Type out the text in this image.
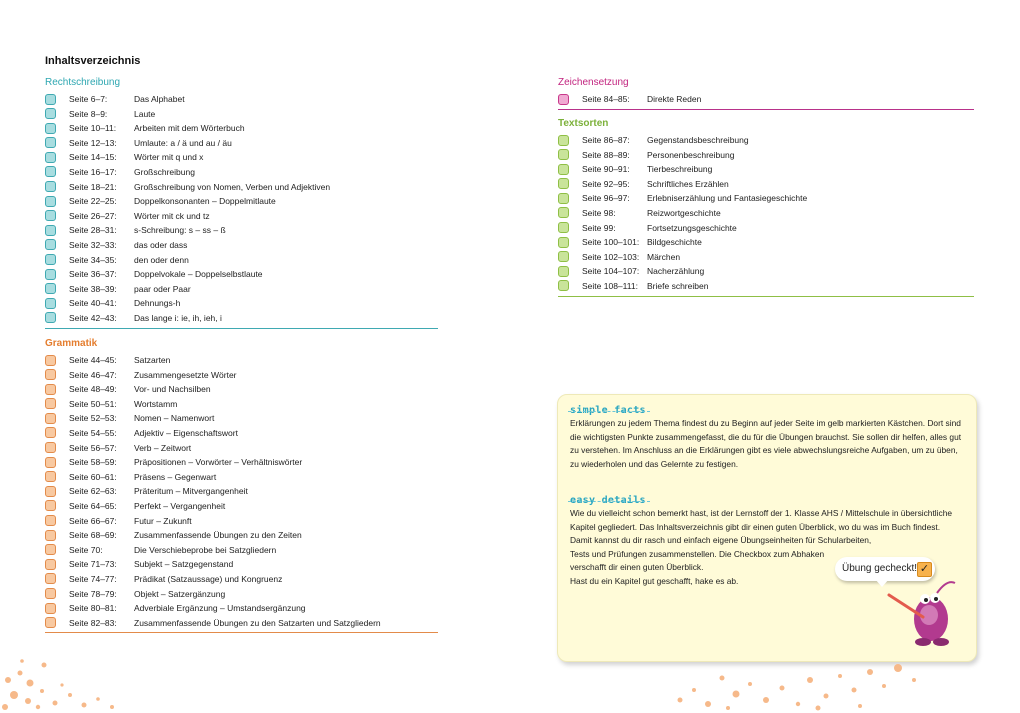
Inhaltsverzeichnis
Rechtschreibung
Seite 6–7:	Das Alphabet
Seite 8–9:	Laute
Seite 10–11: Arbeiten mit dem Wörterbuch
Seite 12–13: Umlaute: a / ä und au / äu
Seite 14–15: Wörter mit q und x
Seite 16–17: Großschreibung
Seite 18–21: Großschreibung von Nomen, Verben und Adjektiven
Seite 22–25: Doppelkonsonanten – Doppelmitlaute
Seite 26–27: Wörter mit ck und tz
Seite 28–31: s-Schreibung: s – ss – ß
Seite 32–33: das oder dass
Seite 34–35: den oder denn
Seite 36–37: Doppelvokale – Doppelselbstlaute
Seite 38–39: paar oder Paar
Seite 40–41: Dehnungs-h
Seite 42–43: Das lange i: ie, ih, ieh, i
Grammatik
Seite 44–45: Satzarten
Seite 46–47: Zusammengesetzte Wörter
Seite 48–49: Vor- und Nachsilben
Seite 50–51: Wortstamm
Seite 52–53: Nomen – Namenwort
Seite 54–55: Adjektiv – Eigenschaftswort
Seite 56–57: Verb – Zeitwort
Seite 58–59: Präpositionen – Vorwörter – Verhältniswörter
Seite 60–61: Präsens – Gegenwart
Seite 62–63: Präteritum – Mitvergangenheit
Seite 64–65: Perfekt – Vergangenheit
Seite 66–67: Futur – Zukunft
Seite 68–69: Zusammenfassende Übungen zu den Zeiten
Seite 70:	Die Verschiebeprobe bei Satzgliedern
Seite 71–73: Subjekt – Satzgegenstand
Seite 74–77: Prädikat (Satzaussage) und Kongruenz
Seite 78–79: Objekt – Satzergänzung
Seite 80–81: Adverbiale Ergänzung – Umstandsergänzung
Seite 82–83: Zusammenfassende Übungen zu den Satzarten und Satzgliedern
Zeichensetzung
Seite 84–85: Direkte Reden
Textsorten
Seite 86–87: Gegenstandsbeschreibung
Seite 88–89: Personenbeschreibung
Seite 90–91: Tierbeschreibung
Seite 92–95: Schriftliches Erzählen
Seite 96–97: Erlebniserzählung und Fantasiegeschichte
Seite 98:	Reizwortgeschichte
Seite 99:	Fortsetzungsgeschichte
Seite 100–101: Bildgeschichte
Seite 102–103: Märchen
Seite 104–107: Nacherzählung
Seite 108–111: Briefe schreiben
simple facts
Erklärungen zu jedem Thema findest du zu Beginn auf jeder Seite im gelb markierten Kästchen. Dort sind
die wichtigsten Punkte zusammengefasst, die du für die Übungen brauchst. Sie sollen dir helfen, alles gut
zu verstehen. Im Anschluss an die Erklärungen gibt es viele abwechslungsreiche Aufgaben, um zu üben,
zu wiederholen und das Gelernte zu festigen.
easy details
Wie du vielleicht schon bemerkt hast, ist der Lernstoff der 1. Klasse AHS / Mittelschule in übersichtliche
Kapitel gegliedert. Das Inhaltsverzeichnis gibt dir einen guten Überblick, wo du was im Buch findest.
Damit kannst du dir rasch und einfach eigene Übungseinheiten für Schularbeiten,
Tests und Prüfungen zusammenstellen. Die Checkbox zum Abhaken
verschafft dir einen guten Überblick.
Hast du ein Kapitel gut geschafft, hake es ab.
Übung gecheckt! ✓
